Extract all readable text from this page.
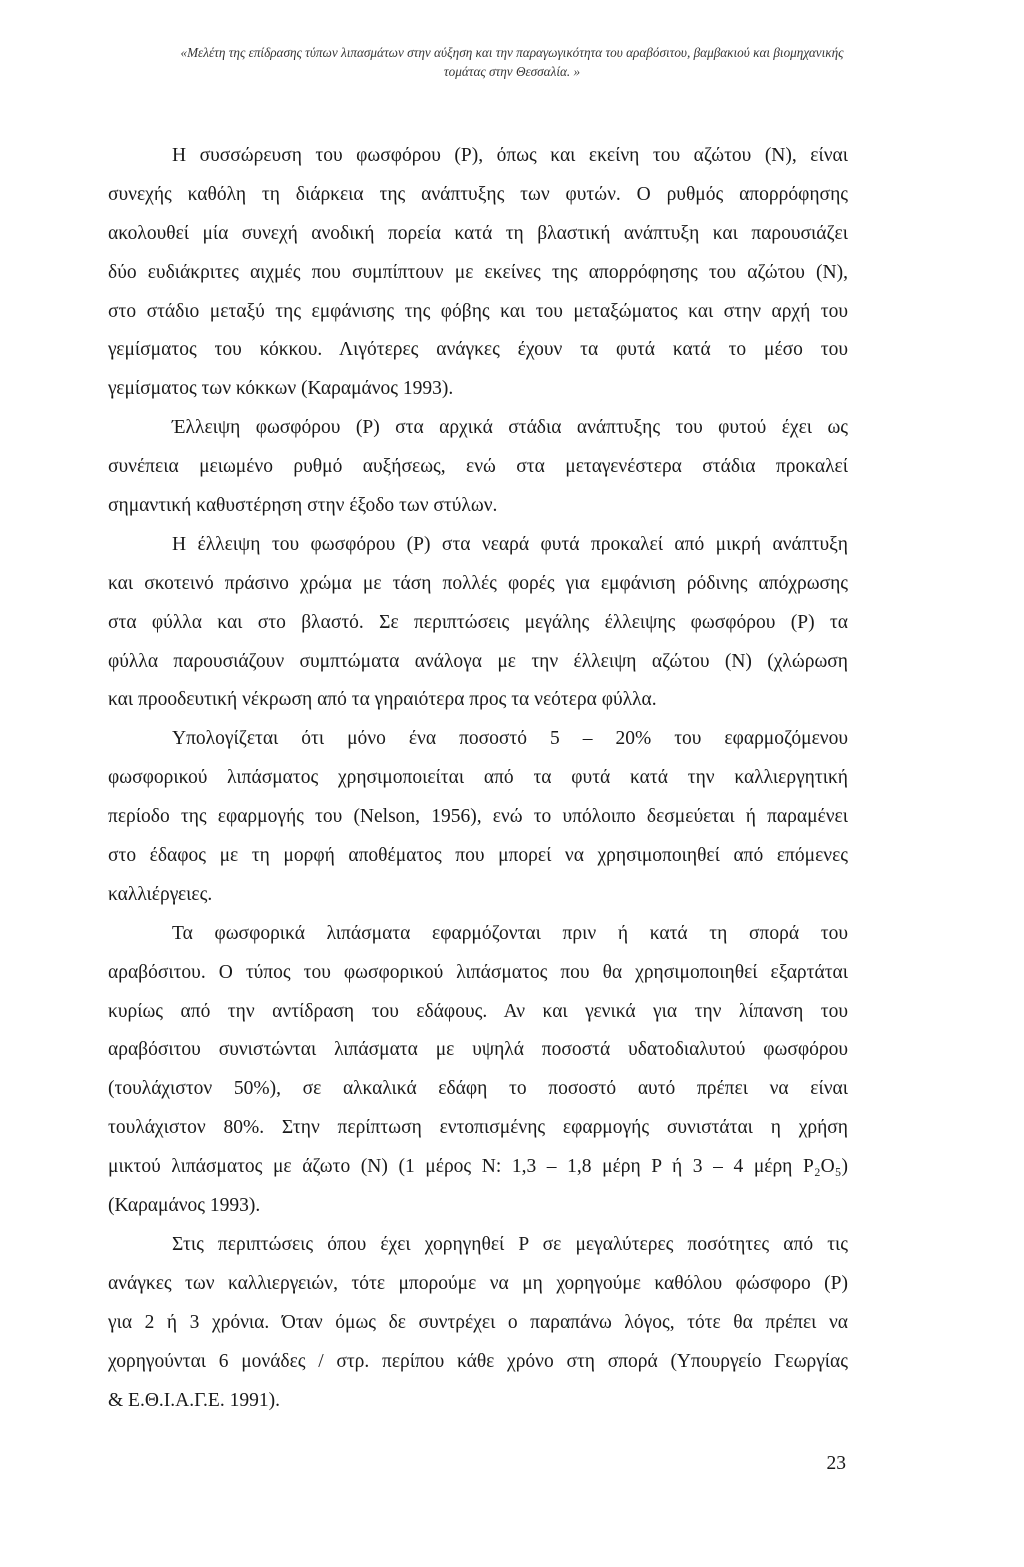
«Μελέτη της επίδρασης τύπων λιπασμάτων στην αύξηση και την παραγωγικότητα του αραβόσιτου, βαμβακιού και βιομηχανικής
τομάτας στην Θεσσαλία. »
Η συσσώρευση του φωσφόρου (P), όπως και εκείνη του αζώτου (N), είναι
συνεχής καθόλη τη διάρκεια της ανάπτυξης των φυτών. Ο ρυθμός απορρόφησης
ακολουθεί μία συνεχή ανοδική πορεία κατά τη βλαστική ανάπτυξη και παρουσιάζει
δύο ευδιάκριτες αιχμές που συμπίπτουν με εκείνες της απορρόφησης του αζώτου (N),
στο στάδιο μεταξύ της εμφάνισης της φόβης και του μεταξώματος και στην αρχή του
γεμίσματος του κόκκου. Λιγότερες ανάγκες έχουν τα φυτά κατά το μέσο του
γεμίσματος των κόκκων (Καραμάνος 1993).
Έλλειψη φωσφόρου (P) στα αρχικά στάδια ανάπτυξης του φυτού έχει ως
συνέπεια μειωμένο ρυθμό αυξήσεως, ενώ στα μεταγενέστερα στάδια προκαλεί
σημαντική καθυστέρηση στην έξοδο των στύλων.
Η έλλειψη του φωσφόρου (P) στα νεαρά φυτά προκαλεί από μικρή ανάπτυξη
και σκοτεινό πράσινο χρώμα με τάση πολλές φορές για εμφάνιση ρόδινης απόχρωσης
στα φύλλα και στο βλαστό. Σε περιπτώσεις μεγάλης έλλειψης φωσφόρου (P) τα
φύλλα παρουσιάζουν συμπτώματα ανάλογα με την έλλειψη αζώτου (N) (χλώρωση
και προοδευτική νέκρωση από τα γηραιότερα προς τα νεότερα φύλλα.
Υπολογίζεται ότι μόνο ένα ποσοστό 5 – 20% του εφαρμοζόμενου
φωσφορικού λιπάσματος χρησιμοποιείται από τα φυτά κατά την καλλιεργητική
περίοδο της εφαρμογής του (Nelson, 1956), ενώ το υπόλοιπο δεσμεύεται ή παραμένει
στο έδαφος με τη μορφή αποθέματος που μπορεί να χρησιμοποιηθεί από επόμενες
καλλιέργειες.
Τα φωσφορικά λιπάσματα εφαρμόζονται πριν ή κατά τη σπορά του
αραβόσιτου. Ο τύπος του φωσφορικού λιπάσματος που θα χρησιμοποιηθεί εξαρτάται
κυρίως από την αντίδραση του εδάφους. Αν και γενικά για την λίπανση του
αραβόσιτου συνιστώνται λιπάσματα με υψηλά ποσοστά υδατοδιαλυτού φωσφόρου
(τουλάχιστον 50%), σε αλκαλικά εδάφη το ποσοστό αυτό πρέπει να είναι
τουλάχιστον 80%. Στην περίπτωση εντοπισμένης εφαρμογής συνιστάται η χρήση
μικτού λιπάσματος με άζωτο (N) (1 μέρος N: 1,3 – 1,8 μέρη P ή 3 – 4 μέρη P₂O₅)
(Καραμάνος 1993).
Στις περιπτώσεις όπου έχει χορηγηθεί P σε μεγαλύτερες ποσότητες από τις
ανάγκες των καλλιεργειών, τότε μπορούμε να μη χορηγούμε καθόλου φώσφορο (P)
για 2 ή 3 χρόνια. Όταν όμως δε συντρέχει ο παραπάνω λόγος, τότε θα πρέπει να
χορηγούνται 6 μονάδες / στρ. περίπου κάθε χρόνο στη σπορά (Υπουργείο Γεωργίας
& Ε.Θ.Ι.Α.Γ.Ε. 1991).
23
